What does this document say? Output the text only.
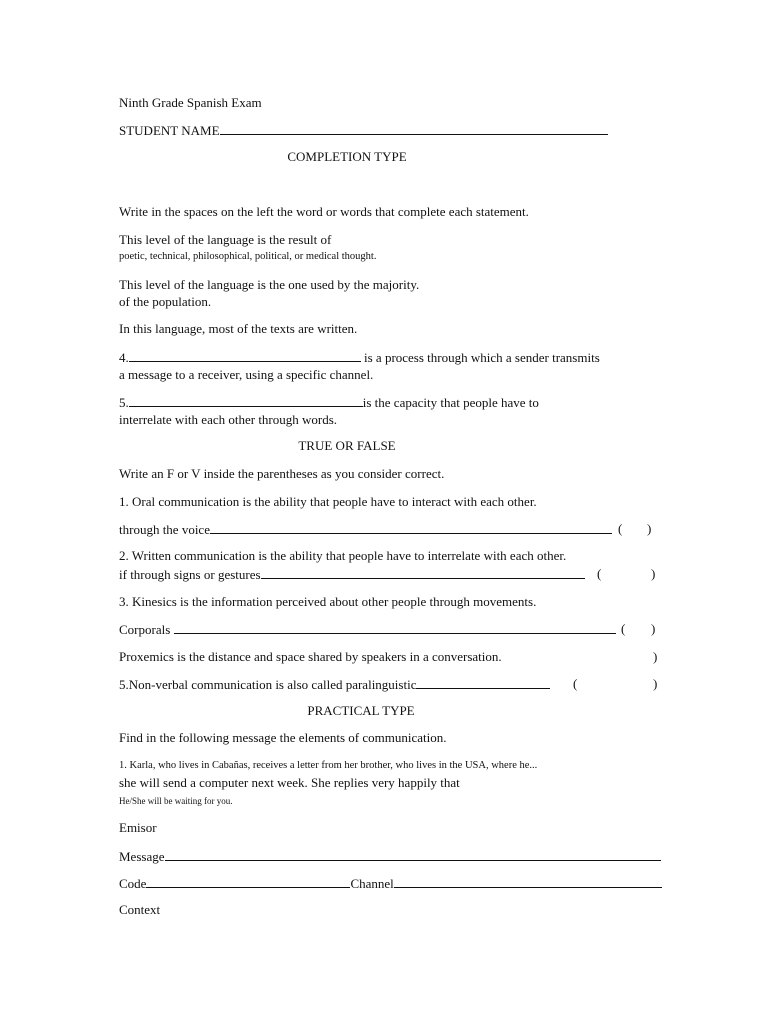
Ninth Grade Spanish Exam
STUDENT NAME
COMPLETION TYPE
Write in the spaces on the left the word or words that complete each statement.
This level of the language is the result of
poetic, technical, philosophical, political, or medical thought.
This level of the language is the one used by the majority.
of the population.
In this language, most of the texts are written.
4.	is a process through which a sender transmits
a message to a receiver, using a specific channel.
5.	is the capacity that people have to
interrelate with each other through words.
TRUE OR FALSE
Write an F or V inside the parentheses as you consider correct.
1. Oral communication is the ability that people have to interact with each other.
through the voice	( )
2. Written communication is the ability that people have to interrelate with each other.
if through signs or gestures	(	)
3. Kinesics is the information perceived about other people through movements.
Corporals	( )
Proxemics is the distance and space shared by speakers in a conversation.	)
5.Non-verbal communication is also called paralinguistic	(	)
PRACTICAL TYPE
Find in the following message the elements of communication.
1. Karla, who lives in Cabañas, receives a letter from her brother, who lives in the USA, where he...
she will send a computer next week. She replies very happily that
He/She will be waiting for you.
Emisor
Message
Code	Channel
Context
